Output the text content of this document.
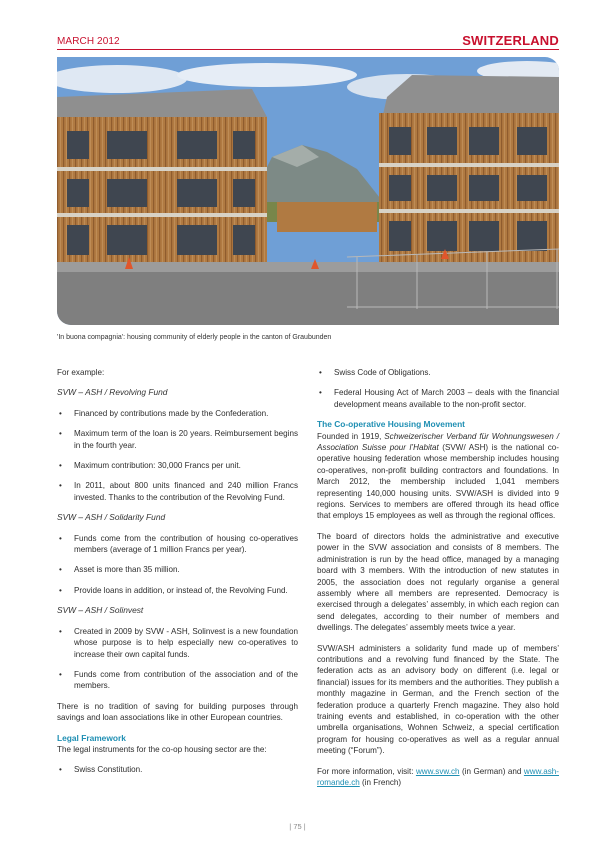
MARCH 2012	SWITZERLAND
'In buona compagnia': housing community of elderly people in the canton of Graubunden

For example:

SVW – ASH / Revolving Fund
• Financed by contributions made by the Confederation.
• Maximum term of the loan is 20 years. Reimbursement begins in the fourth year.
• Maximum contribution: 30,000 Francs per unit.
• In 2011, about 800 units financed and 240 million Francs invested. Thanks to the contribution of the Revolving Fund.
SVW – ASH / Solidarity Fund
• Funds come from the contribution of housing co-operatives members (average of 1 million Francs per year).
• Asset is more than 35 million.
• Provide loans in addition, or instead of, the Revolving Fund.
SVW – ASH / Solinvest
• Created in 2009 by SVW - ASH, Solinvest is a new foundation whose purpose is to help especially new co-operatives to increase their own capital funds.
• Funds come from contribution of the association and of the members.

There is no tradition of saving for building purposes through savings and loan associations like in other European countries.

Legal Framework

The legal instruments for the co-op housing sector are the:

• Swiss Constitution.
• Swiss Code of Obligations.
• Federal Housing Act of March 2003 – deals with the financial development means available to the non-profit sector.
The Co-operative Housing Movement

Founded in 1919, Schweizerischer Verband für Wohnungswesen / Association Suisse pour l’Habitat (SVW/ ASH) is the national co-operative housing federation whose membership includes housing co-operatives, non-profit building contractors and foundations. In March 2012, the membership included 1,041 members representing 140,000 housing units. SVW/ASH is divided into 9 regions. Services to members are offered through its head office that employs 15 employees as well as through the regional offices.

The board of directors holds the administrative and executive power in the SVW association and consists of 8 members. The administration is run by the head office, managed by a managing board with 3 members. With the introduction of new statutes in 2005, the association does not regularly organise a general assembly where all members are represented. Democracy is exercised through a delegates’ assembly, in which each region can send delegates, according to their number of members and dwellings. The delegates’ assembly meets twice a year.

SVW/ASH administers a solidarity fund made up of members’ contributions and a revolving fund financed by the State. The federation acts as an advisory body on different (i.e. legal or financial) issues for its members and the authorities. They publish a monthly magazine in German, and the French section of the federation produce a quarterly French magazine. They also hold training events and established, in co-operation with the other umbrella organisations, Wohnen Schweiz, a special certification program for housing co-operatives as well as a regular annual meeting (“Forum”).

For more information, visit: www.svw.ch (in German) and www.ash-romande.ch (in French)

| 75 |
